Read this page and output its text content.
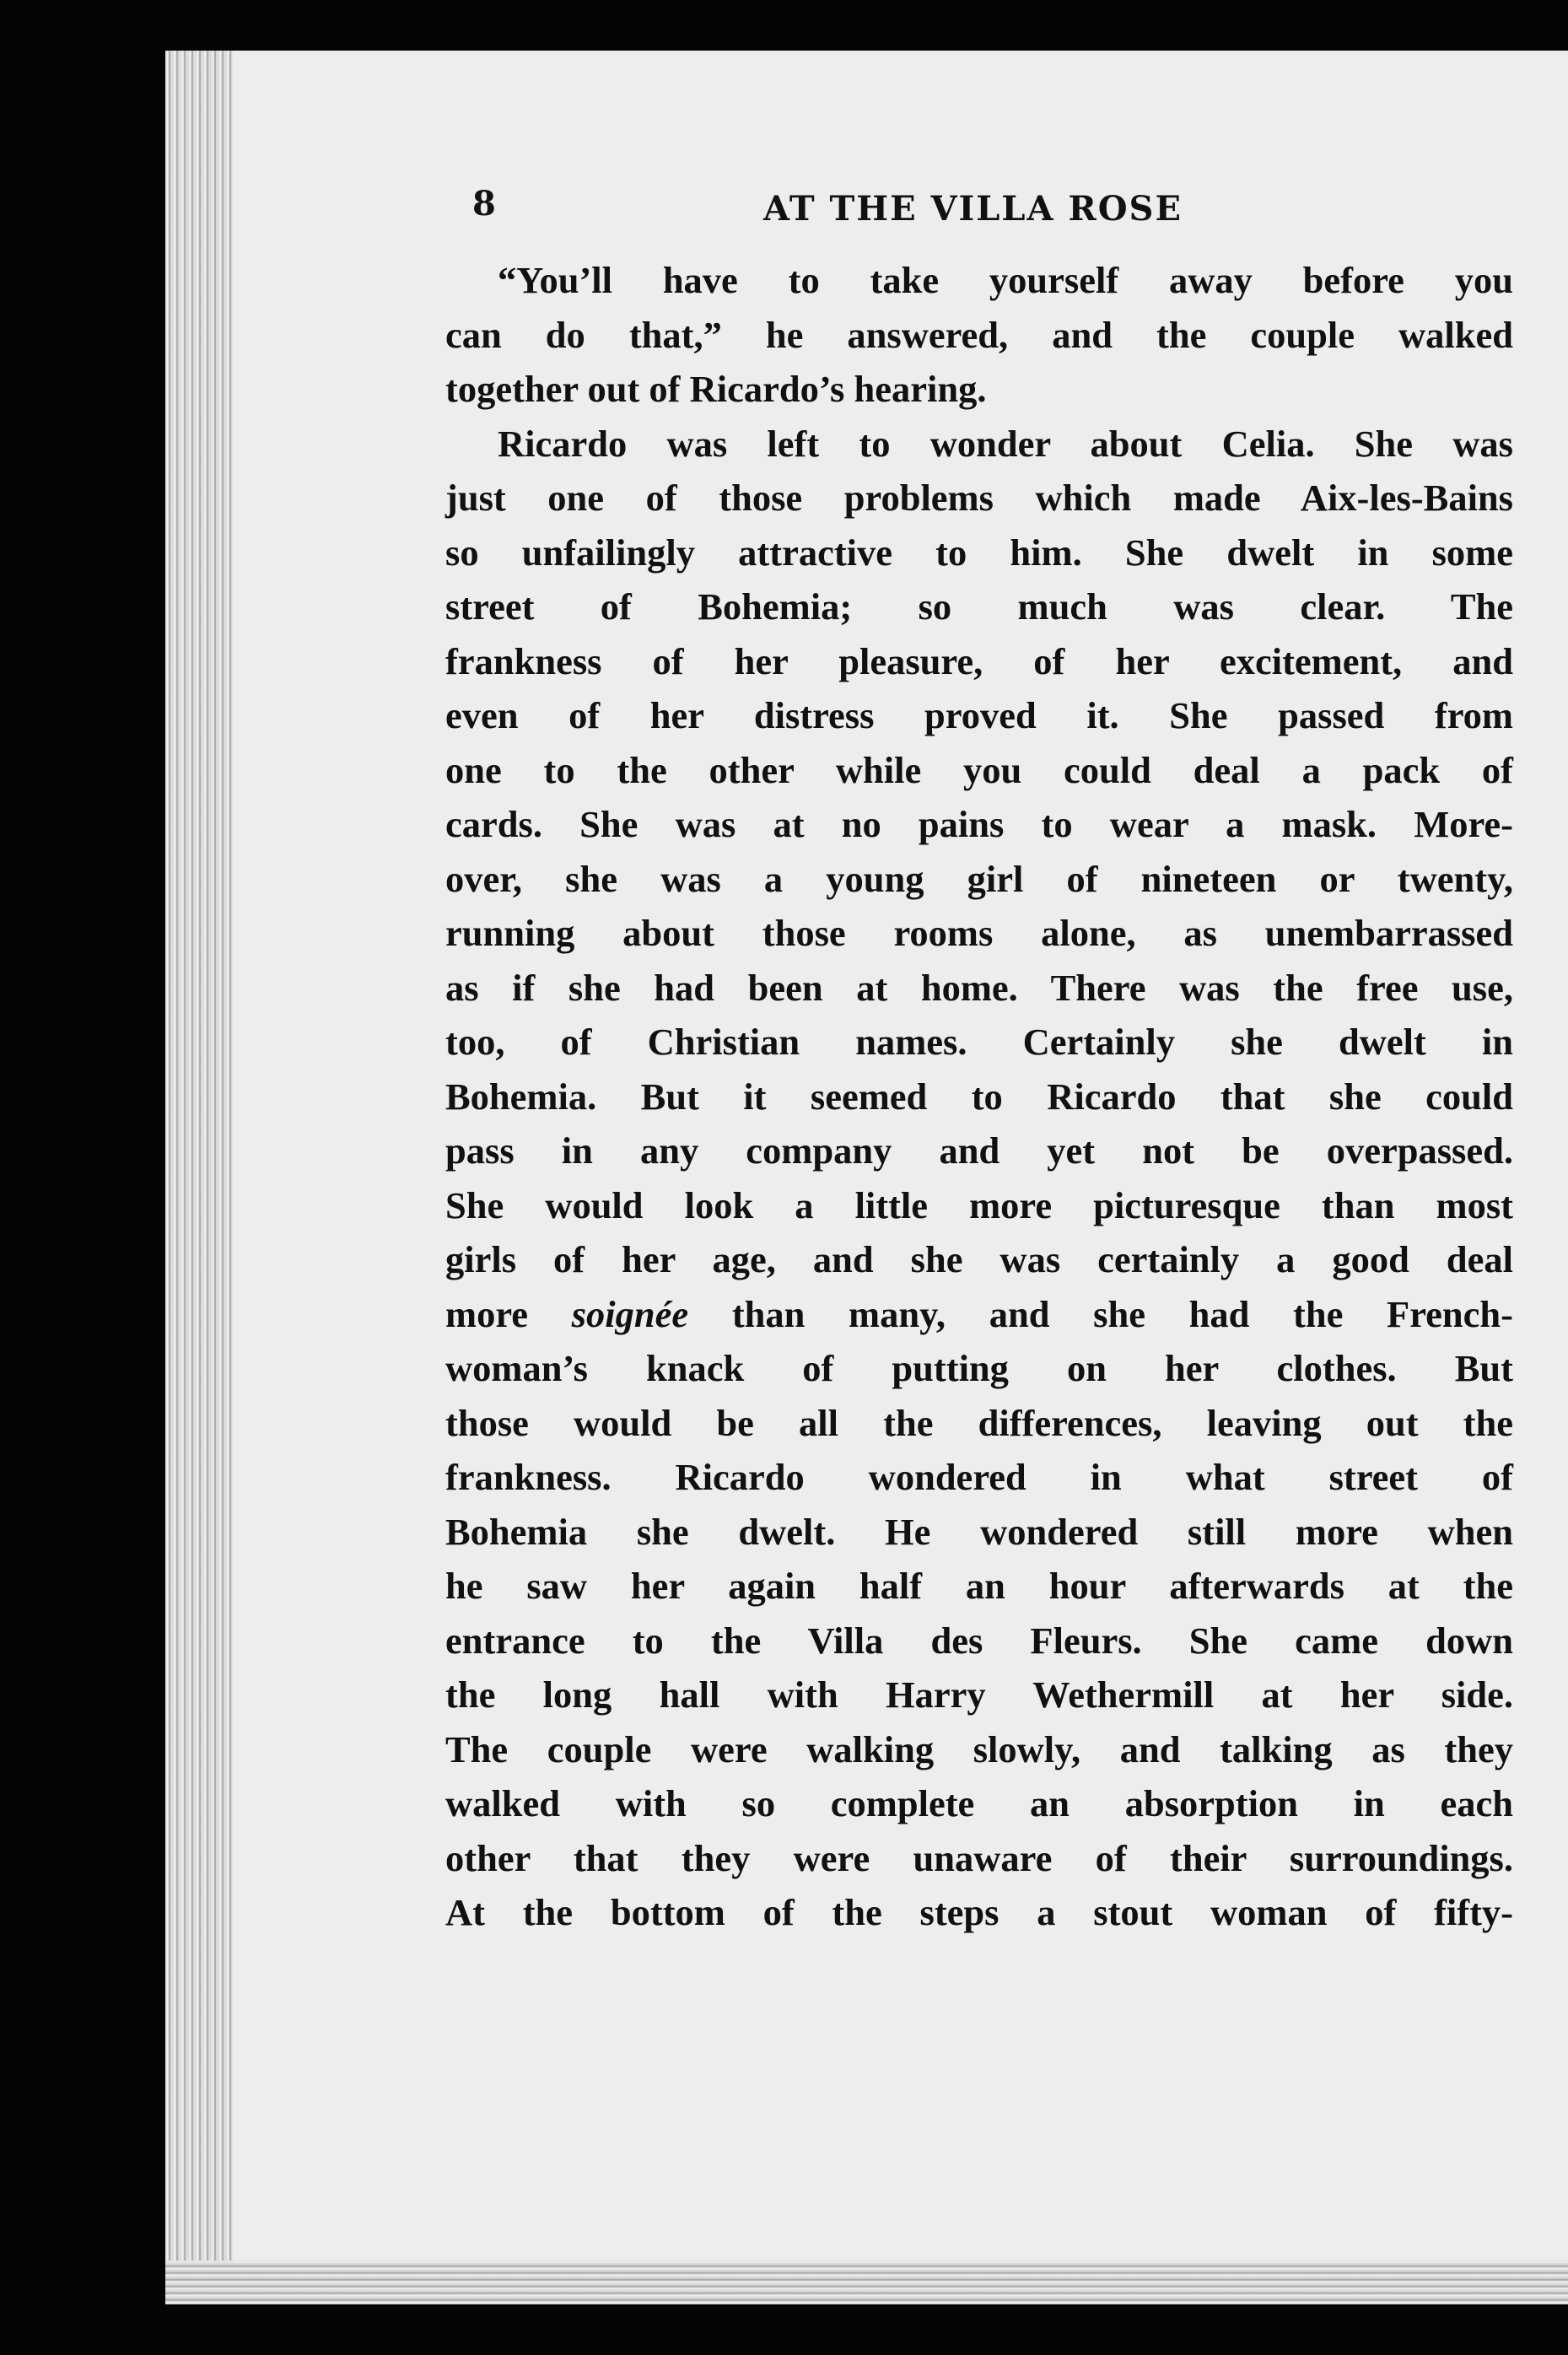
8	AT THE VILLA ROSE
“You’ll have to take yourself away before you
can do that,” he answered, and the couple walked
together out of Ricardo’s hearing.
Ricardo was left to wonder about Celia. She was
just one of those problems which made Aix-les-Bains
so unfailingly attractive to him. She dwelt in some
street of Bohemia; so much was clear. The
frankness of her pleasure, of her excitement, and
even of her distress proved it. She passed from
one to the other while you could deal a pack of
cards. She was at no pains to wear a mask. More-
over, she was a young girl of nineteen or twenty,
running about those rooms alone, as unembarrassed
as if she had been at home. There was the free use,
too, of Christian names. Certainly she dwelt in
Bohemia. But it seemed to Ricardo that she could
pass in any company and yet not be overpassed.
She would look a little more picturesque than most
girls of her age, and she was certainly a good deal
more soignée than many, and she had the French-
woman’s knack of putting on her clothes. But
those would be all the differences, leaving out the
frankness. Ricardo wondered in what street of
Bohemia she dwelt. He wondered still more when
he saw her again half an hour afterwards at the
entrance to the Villa des Fleurs. She came down
the long hall with Harry Wethermill at her side.
The couple were walking slowly, and talking as they
walked with so complete an absorption in each
other that they were unaware of their surroundings.
At the bottom of the steps a stout woman of fifty-
